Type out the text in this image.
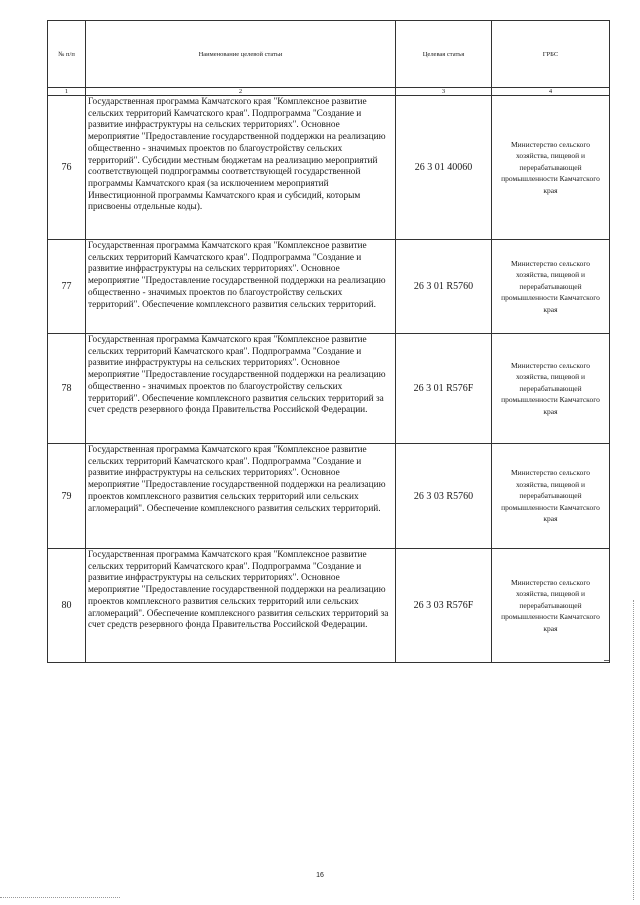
№ п/п	Наименование целевой статьи	Целевая статья	ГРБС
1	2	3	4
76	Государственная программа Камчатского края "Комплексное развитие сельских территорий Камчатского края". Подпрограмма "Создание и развитие инфраструктуры на сельских территориях". Основное мероприятие "Предоставление государственной поддержки на реализацию общественно - значимых проектов по благоустройству сельских территорий". Субсидии местным бюджетам на реализацию мероприятий соответствующей подпрограммы соответствующей государственной программы Камчатского края (за исключением мероприятий Инвестиционной программы Камчатского края и субсидий, которым присвоены отдельные коды).	26 3 01 40060	Министерство сельского хозяйства, пищевой и перерабатывающей промышленности Камчатского края
77	Государственная программа Камчатского края "Комплексное развитие сельских территорий Камчатского края". Подпрограмма "Создание и развитие инфраструктуры на сельских территориях". Основное мероприятие "Предоставление государственной поддержки на реализацию общественно - значимых проектов по благоустройству сельских территорий". Обеспечение комплексного развития сельских территорий.	26 3 01 R5760	Министерство сельского хозяйства, пищевой и перерабатывающей промышленности Камчатского края
78	Государственная программа Камчатского края "Комплексное развитие сельских территорий Камчатского края". Подпрограмма "Создание и развитие инфраструктуры на сельских территориях". Основное мероприятие "Предоставление государственной поддержки на реализацию общественно - значимых проектов по благоустройству сельских территорий". Обеспечение комплексного развития сельских территорий за счет средств резервного фонда Правительства Российской Федерации.	26 3 01 R576F	Министерство сельского хозяйства, пищевой и перерабатывающей промышленности Камчатского края
79	Государственная программа Камчатского края "Комплексное развитие сельских территорий Камчатского края". Подпрограмма "Создание и развитие инфраструктуры на сельских территориях". Основное мероприятие "Предоставление государственной поддержки на реализацию проектов комплексного развития сельских территорий или сельских агломераций". Обеспечение комплексного развития сельских территорий.	26 3 03 R5760	Министерство сельского хозяйства, пищевой и перерабатывающей промышленности Камчатского края
80	Государственная программа Камчатского края "Комплексное развитие сельских территорий Камчатского края". Подпрограмма "Создание и развитие инфраструктуры на сельских территориях". Основное мероприятие "Предоставление государственной поддержки на реализацию проектов комплексного развития сельских территорий или сельских агломераций". Обеспечение комплексного развития сельских территорий за счет средств резервного фонда Правительства Российской Федерации.	26 3 03 R576F	Министерство сельского хозяйства, пищевой и перерабатывающей промышленности Камчатского края
16
